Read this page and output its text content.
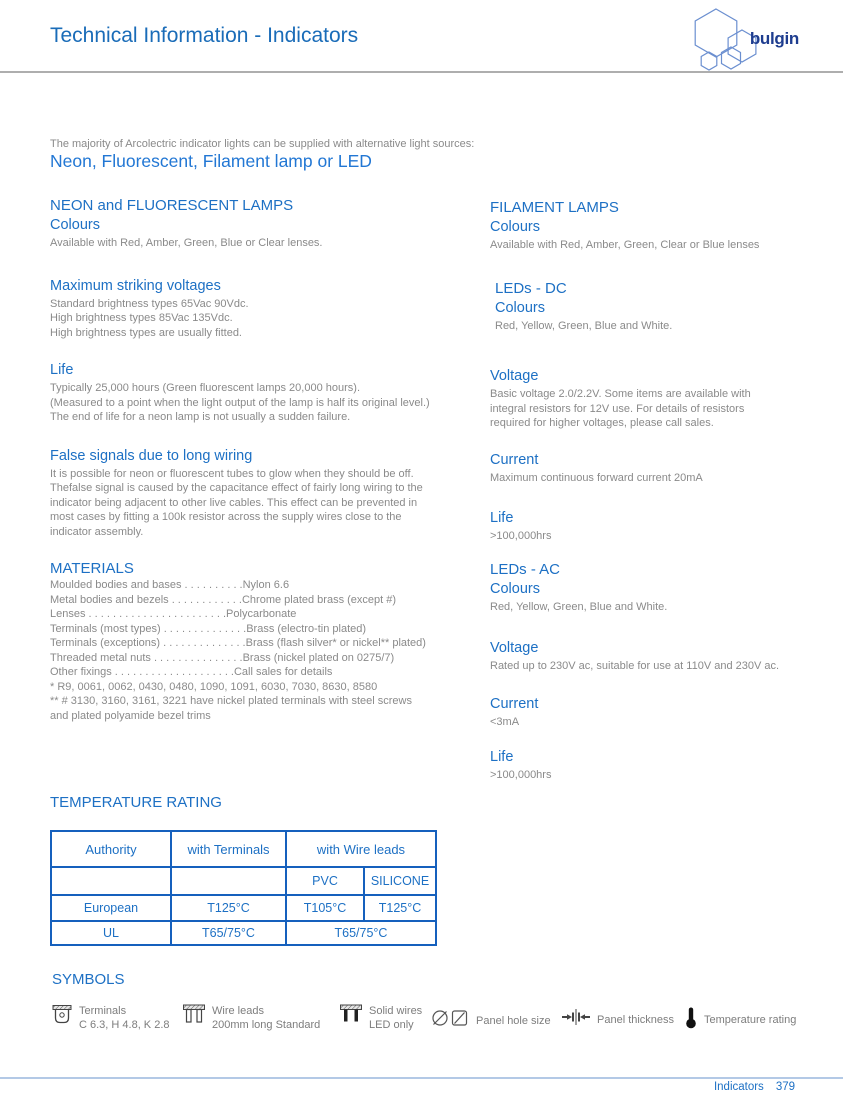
Technical Information - Indicators	bulgin
The majority of Arcolectric indicator lights can be supplied with alternative light sources:
Neon, Fluorescent, Filament lamp or LED
NEON and FLUORESCENT LAMPS
Colours
Available with Red, Amber, Green, Blue or Clear lenses.
Maximum striking voltages
Standard brightness types 65Vac 90Vdc.
High brightness types 85Vac 135Vdc.
High brightness types are usually fitted.
Life
Typically 25,000 hours (Green fluorescent lamps 20,000 hours).
(Measured to a point when the light output of the lamp is half its original level.)
The end of life for a neon lamp is not usually a sudden failure.
False signals due to long wiring
It is possible for neon or fluorescent tubes to glow when they should be off.
Thefalse signal is caused by the capacitance effect of fairly long wiring to the
indicator being adjacent to other live cables. This effect can be prevented in
most cases by fitting a 100k resistor across the supply wires close to the
indicator assembly.
MATERIALS
Moulded bodies and bases . . . . . . . . . .Nylon 6.6
Metal bodies and bezels . . . . . . . . . . . .Chrome plated brass (except #)
Lenses . . . . . . . . . . . . . . . . . . . . . . .Polycarbonate
Terminals (most types) . . . . . . . . . . . . . .Brass (electro-tin plated)
Terminals (exceptions) . . . . . . . . . . . . . .Brass (flash silver* or nickel** plated)
Threaded metal nuts . . . . . . . . . . . . . . .Brass (nickel plated on 0275/7)
Other fixings . . . . . . . . . . . . . . . . . . . .Call sales for details
* R9, 0061, 0062, 0430, 0480, 1090, 1091, 6030, 7030, 8630, 8580
** # 3130, 3160, 3161, 3221 have nickel plated terminals with steel screws
and plated polyamide bezel trims
FILAMENT LAMPS
Colours
Available with Red, Amber, Green, Clear or Blue lenses
LEDs - DC
Colours
Red, Yellow, Green, Blue and White.
Voltage
Basic voltage 2.0/2.2V. Some items are available with
integral resistors for 12V use. For details of resistors
required for higher voltages, please call sales.
Current
Maximum continuous forward current 20mA
Life
>100,000hrs
LEDs - AC
Colours
Red, Yellow, Green, Blue and White.
Voltage
Rated up to 230V ac, suitable for use at 110V and 230V ac.
Current
<3mA
Life
>100,000hrs
TEMPERATURE RATING
Authority	with Terminals	with Wire leads	
		PVC	SILICONE
European	T125°C	T105°C	T125°C
UL	T65/75°C	T65/75°C	
SYMBOLS
Terminals
C 6.3, H 4.8, K 2.8
Wire leads
200mm long Standard
Solid wires
LED only	Panel hole size	Panel thickness	Temperature rating
Indicators 379
